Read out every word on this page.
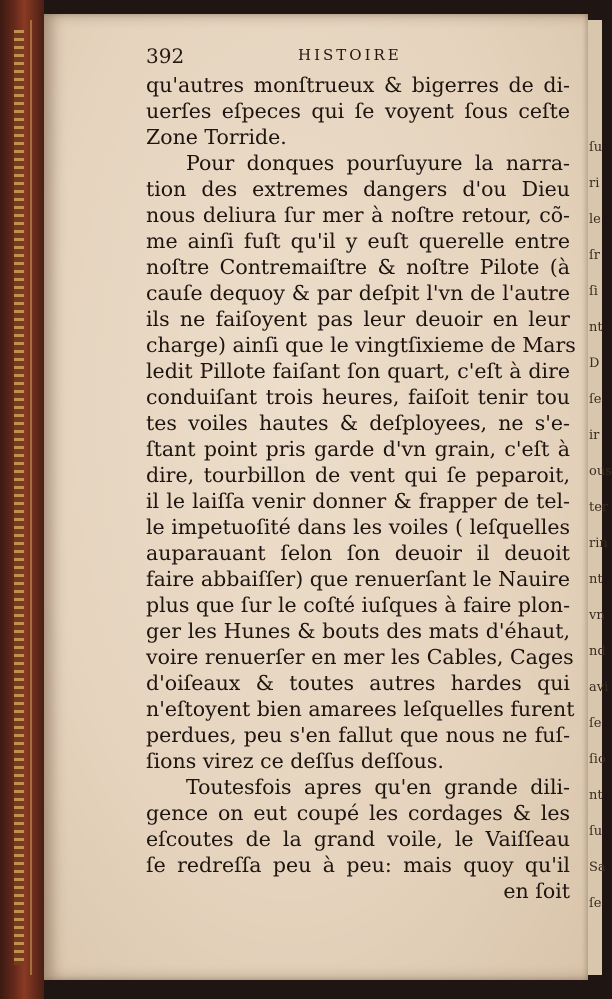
ſu
ri
le
ſr
ſi
nt
D
ſe
ir
ous
ter
rin
nt
vn
nd
avi
ſe
ſio
nt
ſu
Sa
ſe
392	HISTOIRE
qu'autres monſtrueux & bigerres de di-
uerſes eſpeces qui ſe voyent ſous ceſte
Zone Torride.
Pour donques pourſuyure la narra-
tion des extremes dangers d'ou Dieu
nous deliura ſur mer à noſtre retour, cõ-
me ainſi fuſt qu'il y euſt querelle entre
noſtre Contremaiſtre & noſtre Pilote (à
cauſe dequoy & par deſpit l'vn de l'autre
ils ne faiſoyent pas leur deuoir en leur
charge) ainſi que le vingtſixieme de Mars
ledit Pillote faiſant ſon quart, c'eſt à dire
conduiſant trois heures, faiſoit tenir tou
tes voiles hautes & deſployees, ne s'e-
ſtant point pris garde d'vn grain, c'eſt à
dire, tourbillon de vent qui ſe peparoit,
il le laiſſa venir donner & frapper de tel-
le impetuoſité dans les voiles ( leſquelles
auparauant ſelon ſon deuoir il deuoit
faire abbaiſſer) que renuerſant le Nauire
plus que ſur le coſté iuſques à faire plon-
ger les Hunes & bouts des mats d'éhaut,
voire renuerſer en mer les Cables, Cages
d'oiſeaux & toutes autres hardes qui
n'eſtoyent bien amarees leſquelles furent
perdues, peu s'en fallut que nous ne fuſ-
ſions virez ce deſſus deſſous.
Toutesfois apres qu'en grande dili-
gence on eut coupé les cordages & les
eſcoutes de la grand voile, le Vaiſſeau
ſe redreſſa peu à peu: mais quoy qu'il
en ſoit
